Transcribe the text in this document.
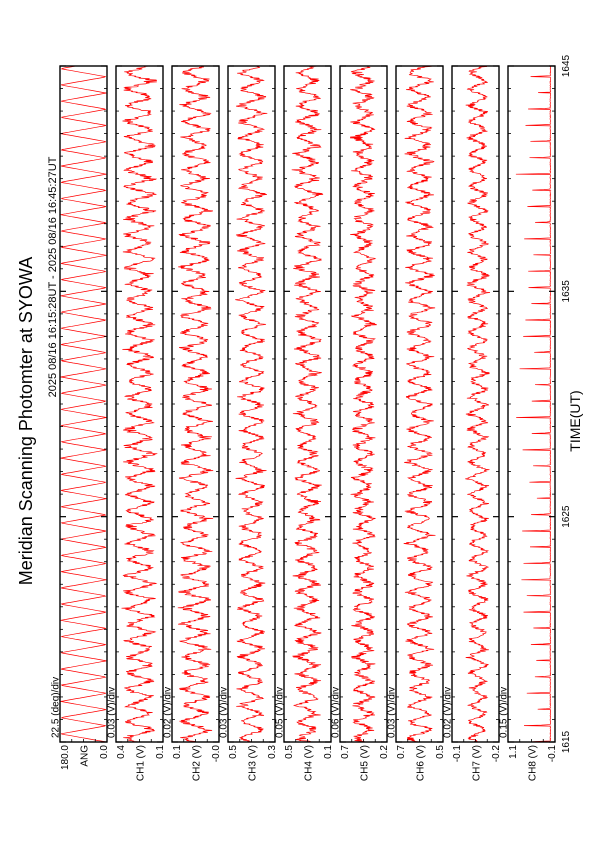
Meridian Scanning Photomter at SYOWA 2025 08/16 16:15:28UT - 2025 08/16 16:45:27UT
TIME(UT)
22.5 (deg)/div
180.0	0.0
ANG
0.03 (V)/div
0.4	0.1
CH1 (V)
0.02 (V)/div
0.1	-0.0
CH2 (V)
0.03 (V)/div
0.5	0.3
CH3 (V)
0.05 (V)/div
0.5	0.1
CH4 (V)
0.06 (V)/div
0.7	0.2
CH5 (V)
0.03 (V)/div
0.7	0.5
CH6 (V)
0.02 (V)/div
-0.1	-0.2
CH7 (V)
0.15 (V)/div
1.1	-0.1
CH8 (V)
1615
1625
1635
1645
